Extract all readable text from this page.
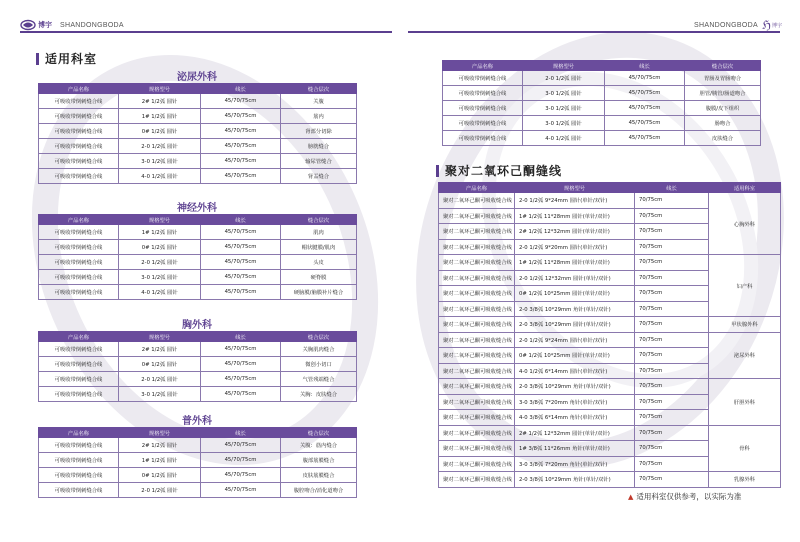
博宇 SHANDONGBODA	SHANDONGBODA ℌ 博宇
适用科室
泌尿外科
产品名称	规格型号	线长	缝合层次
可吸收带倒刺缝合线	2# 1/2弧 圆针	45/70/75cm	关腹
可吸收带倒刺缝合线	1# 1/2弧 圆针	45/70/75cm	筋内
可吸收带倒刺缝合线	0# 1/2弧 圆针	45/70/75cm	肾部分切除
可吸收带倒刺缝合线	2-0 1/2弧 圆针	45/70/75cm	膀胱缝合
可吸收带倒刺缝合线	3-0 1/2弧 圆针	45/70/75cm	输尿管缝合
可吸收带倒刺缝合线	4-0 1/2弧 圆针	45/70/75cm	肾盂缝合
神经外科
产品名称	规格型号	线长	缝合层次
可吸收带倒刺缝合线	1# 1/2弧 圆针	45/70/75cm	肌肉
可吸收带倒刺缝合线	0# 1/2弧 圆针	45/70/75cm	帽状腱膜/肌肉
可吸收带倒刺缝合线	2-0 1/2弧 圆针	45/70/75cm	头皮
可吸收带倒刺缝合线	3-0 1/2弧 圆针	45/70/75cm	硬脊膜
可吸收带倒刺缝合线	4-0 1/2弧 圆针	45/70/75cm	硬脑膜/脑膜补片缝合
胸外科
产品名称	规格型号	线长	缝合层次
可吸收带倒刺缝合线	2# 1/2弧 圆针	45/70/75cm	关胸肌肉缝合
可吸收带倒刺缝合线	0# 1/2弧 圆针	45/70/75cm	微创小切口
可吸收带倒刺缝合线	2-0 1/2弧 圆针	45/70/75cm	气管残端缝合
可吸收带倒刺缝合线	3-0 1/2弧 圆针	45/70/75cm	关胸：皮肤缝合
普外科
产品名称	规格型号	线长	缝合层次
可吸收带倒刺缝合线	2# 1/2弧 圆针	45/70/75cm	关腹：筋内缝合
可吸收带倒刺缝合线	1# 1/2弧 圆针	45/70/75cm	腹部筋膜缝合
可吸收带倒刺缝合线	0# 1/2弧 圆针	45/70/75cm	皮肤筋膜缝合
可吸收带倒刺缝合线	2-0 1/2弧 圆针	45/70/75cm	腹腔吻合/消化道吻合
产品名称	规格型号	线长	缝合层次
可吸收带倒刺缝合线	2-0 1/2弧 圆针	45/70/75cm	胃肠及胃肠吻合
可吸收带倒刺缝合线	3-0 1/2弧 圆针	45/70/75cm	胆管/胰管/肠道吻合
可吸收带倒刺缝合线	3-0 1/2弧 圆针	45/70/75cm	腹膜/皮下组织
可吸收带倒刺缝合线	3-0 1/2弧 圆针	45/70/75cm	肠吻合
可吸收带倒刺缝合线	4-0 1/2弧 圆针	45/70/75cm	皮肤缝合
聚对二氧环己酮缝线
产品名称	规格型号	线长	适用科室
聚对二氧环己酮可吸收缝合线	2-0 1/2弧 9*24mm 圆针(单针/双针)	70/75cm	心胸外科
聚对二氧环己酮可吸收缝合线	1# 1/2弧 11*28mm 圆针(单针/双针)	70/75cm	
聚对二氧环己酮可吸收缝合线	2# 1/2弧 12*32mm 圆针(单针/双针)	70/75cm	
聚对二氧环己酮可吸收缝合线	2-0 1/2弧 9*20mm 圆针(单针/双针)	70/75cm	
聚对二氧环己酮可吸收缝合线	1# 1/2弧 11*28mm 圆针(单针/双针)	70/75cm	妇产科
聚对二氧环己酮可吸收缝合线	2-0 1/2弧 12*32mm 圆针(单针/双针)	70/75cm	
聚对二氧环己酮可吸收缝合线	0# 1/2弧 10*25mm 圆针(单针/双针)	70/75cm	
聚对二氧环己酮可吸收缝合线	2-0 3/8弧 10*29mm 角针(单针/双针)	70/75cm	
聚对二氧环己酮可吸收缝合线	2-0 3/8弧 10*29mm 圆针(单针/双针)	70/75cm	甲状腺外科
聚对二氧环己酮可吸收缝合线	2-0 1/2弧 9*24mm 圆针(单针/双针)	70/75cm	泌尿外科
聚对二氧环己酮可吸收缝合线	0# 1/2弧 10*25mm 圆针(单针/双针)	70/75cm	
聚对二氧环己酮可吸收缝合线	4-0 1/2弧 6*14mm 圆针(单针/双针)	70/75cm	
聚对二氧环己酮可吸收缝合线	2-0 3/8弧 10*29mm 角针(单针/双针)	70/75cm	肝胆外科
聚对二氧环己酮可吸收缝合线	3-0 3/8弧 7*20mm 角针(单针/双针)	70/75cm	
聚对二氧环己酮可吸收缝合线	4-0 3/8弧 6*14mm 角针(单针/双针)	70/75cm	
聚对二氧环己酮可吸收缝合线	2# 1/2弧 12*32mm 圆针(单针/双针)	70/75cm	骨科
聚对二氧环己酮可吸收缝合线	1# 3/8弧 11*26mm 角针(单针/双针)	70/75cm	
聚对二氧环己酮可吸收缝合线	3-0 3/8弧 7*20mm 角针(单针/双针)	70/75cm	
聚对二氧环己酮可吸收缝合线	2-0 3/8弧 10*29mm 角针(单针/双针)	70/75cm	乳腺外科
▲ 适用科室仅供参考，以实际为准
